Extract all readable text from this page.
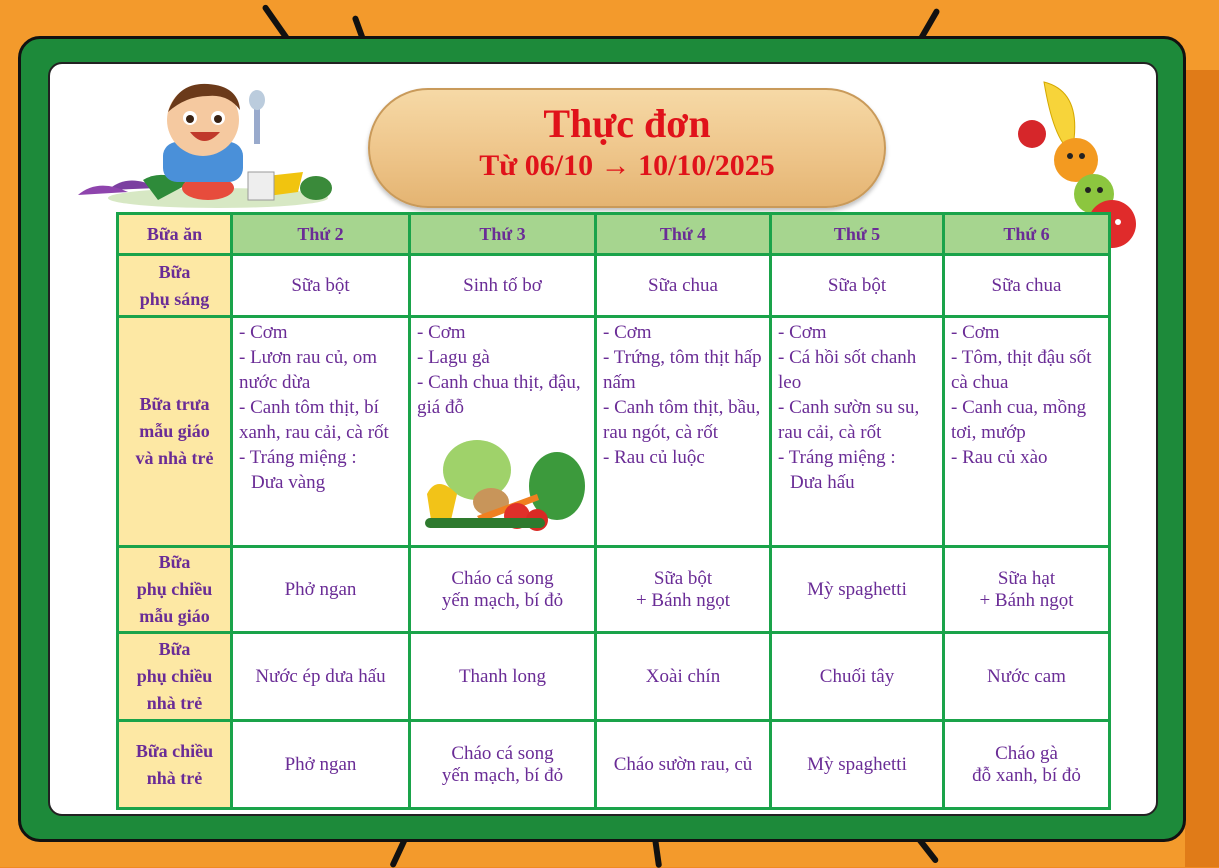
Thực đơn
Từ 06/10 → 10/10/2025
Bữa ăn	Thứ 2	Thứ 3	Thứ 4	Thứ 5	Thứ 6

Bữa
phụ sáng	Sữa bột	Sinh tố bơ	Sữa chua	Sữa bột	Sữa chua

Bữa trưa
mẫu giáo
và nhà trẻ	- Cơm
- Lươn rau củ, om nước dừa
- Canh tôm thịt, bí xanh, rau cải, cà rốt
- Tráng miệng :
Dưa vàng	- Cơm
- Lagu gà
- Canh chua thịt, đậu, giá đỗ	- Cơm
- Trứng, tôm thịt hấp nấm
- Canh tôm thịt, bầu, rau ngót, cà rốt
- Rau củ luộc	- Cơm
- Cá hồi sốt chanh leo
- Canh sườn su su, rau cải, cà rốt
- Tráng miệng :
Dưa hấu	- Cơm
- Tôm, thịt đậu sốt cà chua
- Canh cua, mồng tơi, mướp
- Rau củ xào

Bữa
phụ chiều
mẫu giáo	Phở ngan	Cháo cá song
yến mạch, bí đỏ	Sữa bột
+ Bánh ngọt	Mỳ spaghetti	Sữa hạt
+ Bánh ngọt

Bữa
phụ chiều
nhà trẻ	Nước ép dưa hấu	Thanh long	Xoài chín	Chuối tây	Nước cam

Bữa chiều
nhà trẻ	Phở ngan	Cháo cá song
yến mạch, bí đỏ	Cháo sườn rau, củ	Mỳ spaghetti	Cháo gà
đỗ xanh, bí đỏ
